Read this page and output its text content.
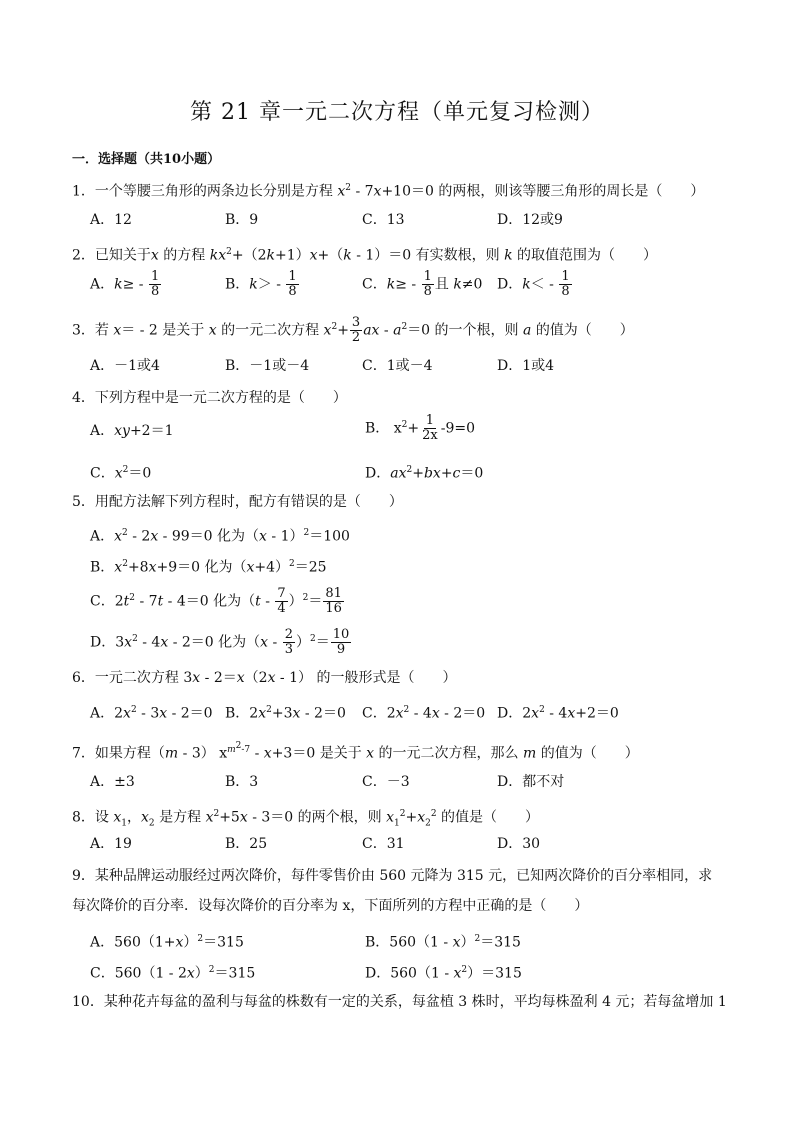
第 21 章一元二次方程（单元复习检测）
一．选择题（共10小题）
1．一个等腰三角形的两条边长分别是方程 $x^2 - 7x+10=0$ 的两根，则该等腰三角形的周长是（　　）
A．12	B．9	C．13	D．12或9
2．已知关于x 的方程 $kx^2+(2k+1)x+(k - 1)=0$ 有实数根，则 k 的取值范围为（　　）
A．$k\ge - \frac{1}{8}$	B．$k> - \frac{1}{8}$	C．$k\ge - \frac{1}{8}$ 且 k≠0 D．$k< - \frac{1}{8}$
3．若 x＝ - 2 是关于 x 的一元二次方程 $x^2+ \frac{3}{2}$ ax - $a^2=0$ 的一个根，则 a 的值为（　　）
A．－1或4	B．－1或－4	C．1或－4	D．1或4
4．下列方程中是一元二次方程的是（　　）
A．xy+2＝1	B． $x^2+ \frac{1}{2x} -9=0$
C．$x^2=0$	D．$ax^2+bx+c=0$
5．用配方法解下列方程时，配方有错误的是（　　）
A．$x^2 - 2x - 99=0$ 化为（x - 1）$^2$＝100
B．$x^2+8x+9=0$ 化为$(x+4)^2=25$
C．$2t^2 - 7t - 4=0$ 化为$(t - \frac{7}{4} )^2= \frac{81}{16}$
D．$3x^2 - 4x - 2=0$ 化为$(x - \frac{2}{3} )^2= \frac{10}{9}$
6．一元二次方程 3x - 2＝x（2x - 1） 的一般形式是（　　）
A．$2x^2 - 3x - 2=0$ B．$2x^2+3x - 2=0$ C．$2x^2 - 4x - 2=0$ D．$2x^2 - 4x+2=0$
7．如果方程（m - 3） $x^{m^2-7} - x+3=0$ 是关于 x 的一元二次方程，那么 m 的值为（　　）
A．±3	B．3	C．－3	D．都不对
8．设 $x_1$，$x_2$ 是方程 $x^2+5x - 3=0$ 的两个根，则 $x_1^2+x_2^2$ 的值是（　　）
A．19	B．25	C．31	D．30
9．某种品牌运动服经过两次降价，每件零售价由 560 元降为 315 元，已知两次降价的百分率相同，求每次降价的百分率．设每次降价的百分率为 x，下面所列的方程中正确的是（　　）
A．$560(1+x)^2=315$	B．560（1 - x）$^2$＝315
C．560（1 - 2x）$^2$＝315	D．$560(1 - x^2)=315$
10．某种花卉每盆的盈利与每盆的株数有一定的关系，每盆植 3 株时，平均每株盈利 4 元；若每盆增加 1
